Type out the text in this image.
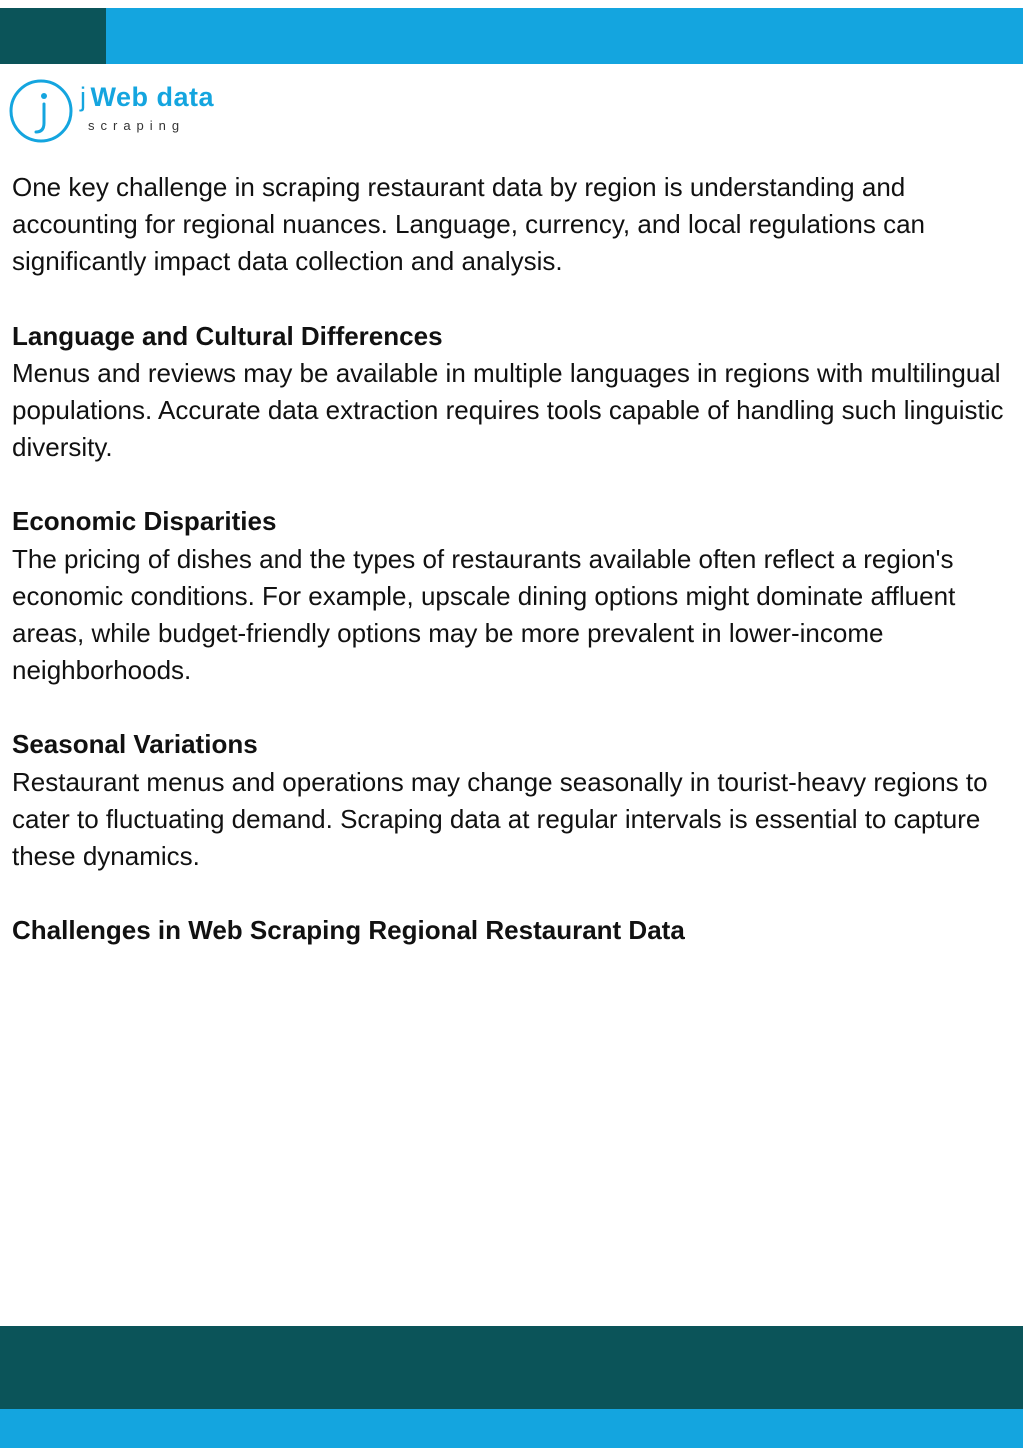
j Web data
scraping

One key challenge in scraping restaurant data by region is understanding and accounting for regional nuances. Language, currency, and local regulations can significantly impact data collection and analysis.

Language and Cultural Differences
Menus and reviews may be available in multiple languages in regions with multilingual populations. Accurate data extraction requires tools capable of handling such linguistic diversity.

Economic Disparities
The pricing of dishes and the types of restaurants available often reflect a region's economic conditions. For example, upscale dining options might dominate affluent areas, while budget-friendly options may be more prevalent in lower-income neighborhoods.

Seasonal Variations
Restaurant menus and operations may change seasonally in tourist-heavy regions to cater to fluctuating demand. Scraping data at regular intervals is essential to capture these dynamics.

Challenges in Web Scraping Regional Restaurant Data
